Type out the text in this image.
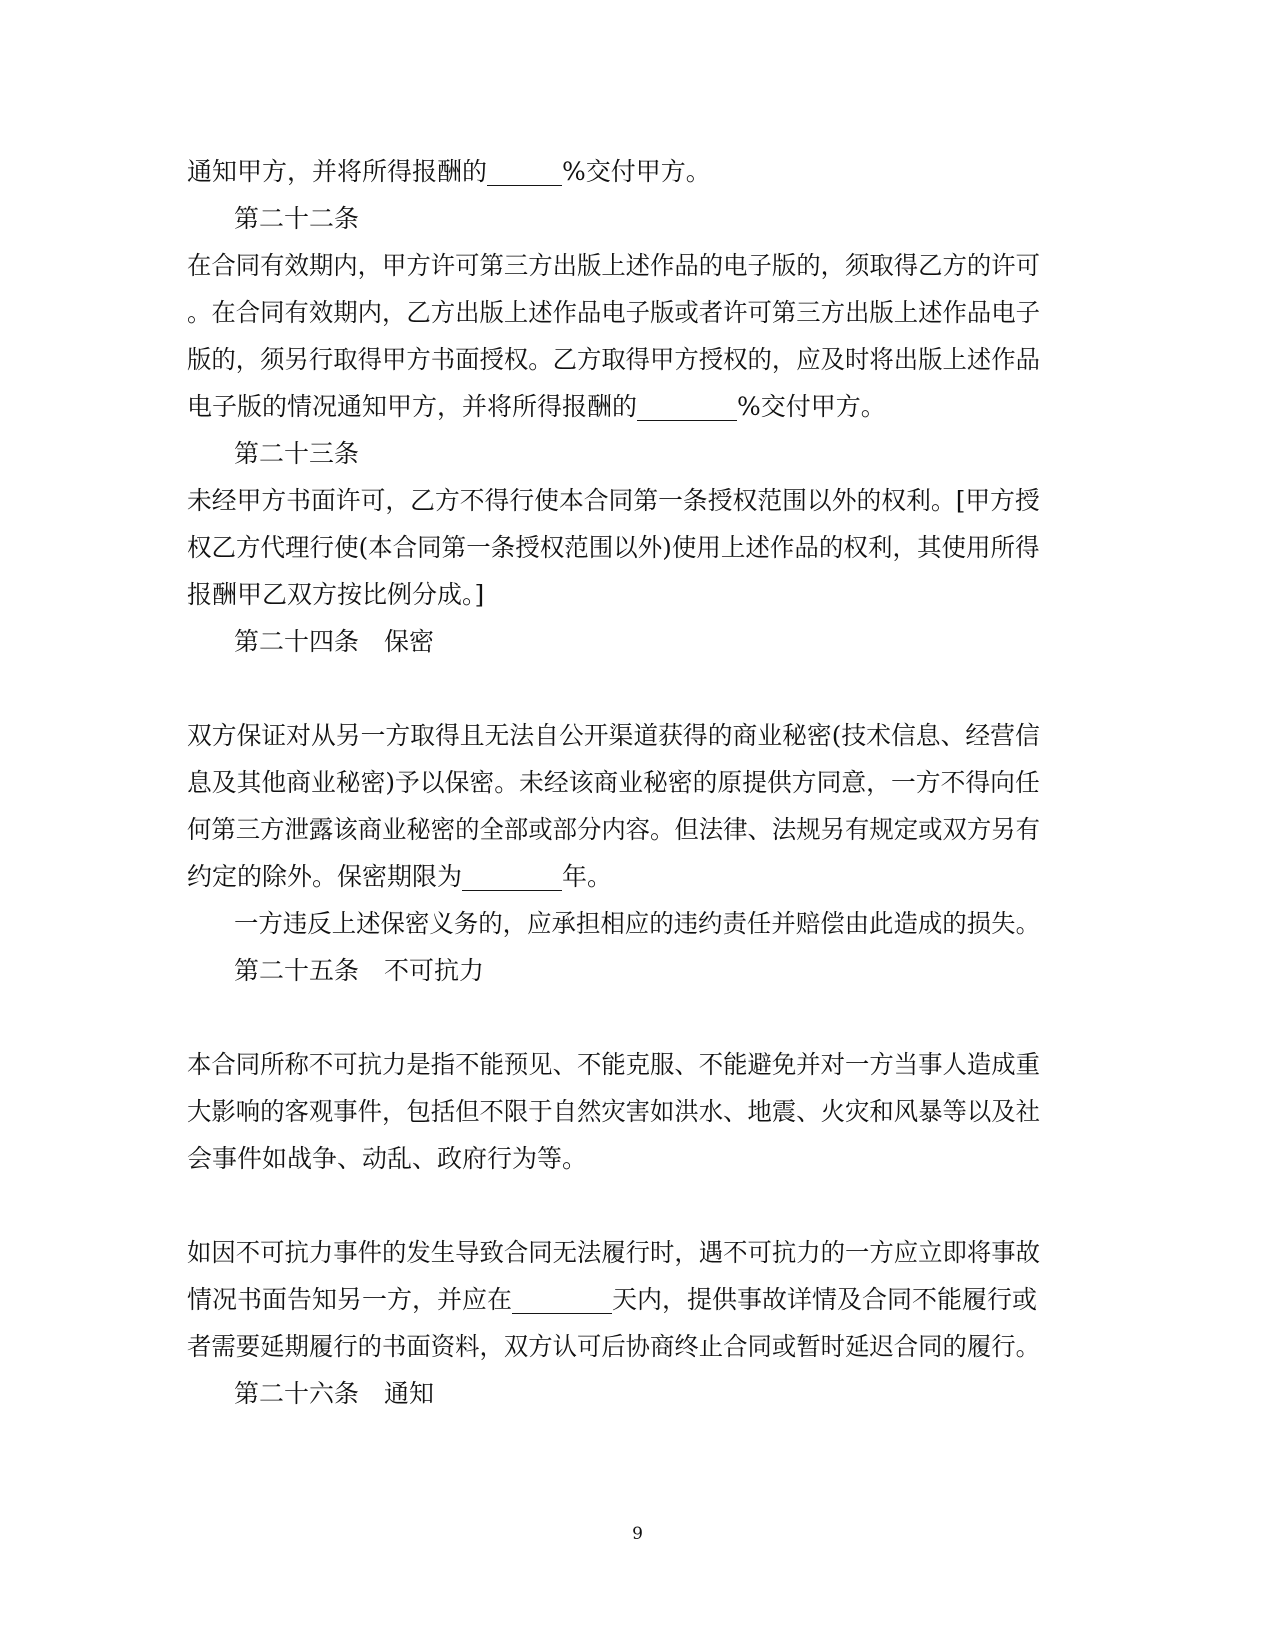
通知甲方，并将所得报酬的______%交付甲方。
第二十二条
在合同有效期内，甲方许可第三方出版上述作品的电子版的，须取得乙方的许可
。在合同有效期内，乙方出版上述作品电子版或者许可第三方出版上述作品电子
版的，须另行取得甲方书面授权。乙方取得甲方授权的，应及时将出版上述作品
电子版的情况通知甲方，并将所得报酬的________%交付甲方。
第二十三条
未经甲方书面许可，乙方不得行使本合同第一条授权范围以外的权利。[甲方授
权乙方代理行使(本合同第一条授权范围以外)使用上述作品的权利，其使用所得
报酬甲乙双方按比例分成。]
第二十四条　保密
双方保证对从另一方取得且无法自公开渠道获得的商业秘密(技术信息、经营信
息及其他商业秘密)予以保密。未经该商业秘密的原提供方同意，一方不得向任
何第三方泄露该商业秘密的全部或部分内容。但法律、法规另有规定或双方另有
约定的除外。保密期限为________年。
一方违反上述保密义务的，应承担相应的违约责任并赔偿由此造成的损失。
第二十五条　不可抗力
本合同所称不可抗力是指不能预见、不能克服、不能避免并对一方当事人造成重
大影响的客观事件，包括但不限于自然灾害如洪水、地震、火灾和风暴等以及社
会事件如战争、动乱、政府行为等。
如因不可抗力事件的发生导致合同无法履行时，遇不可抗力的一方应立即将事故
情况书面告知另一方，并应在________天内，提供事故详情及合同不能履行或
者需要延期履行的书面资料，双方认可后协商终止合同或暂时延迟合同的履行。
第二十六条　通知
9
